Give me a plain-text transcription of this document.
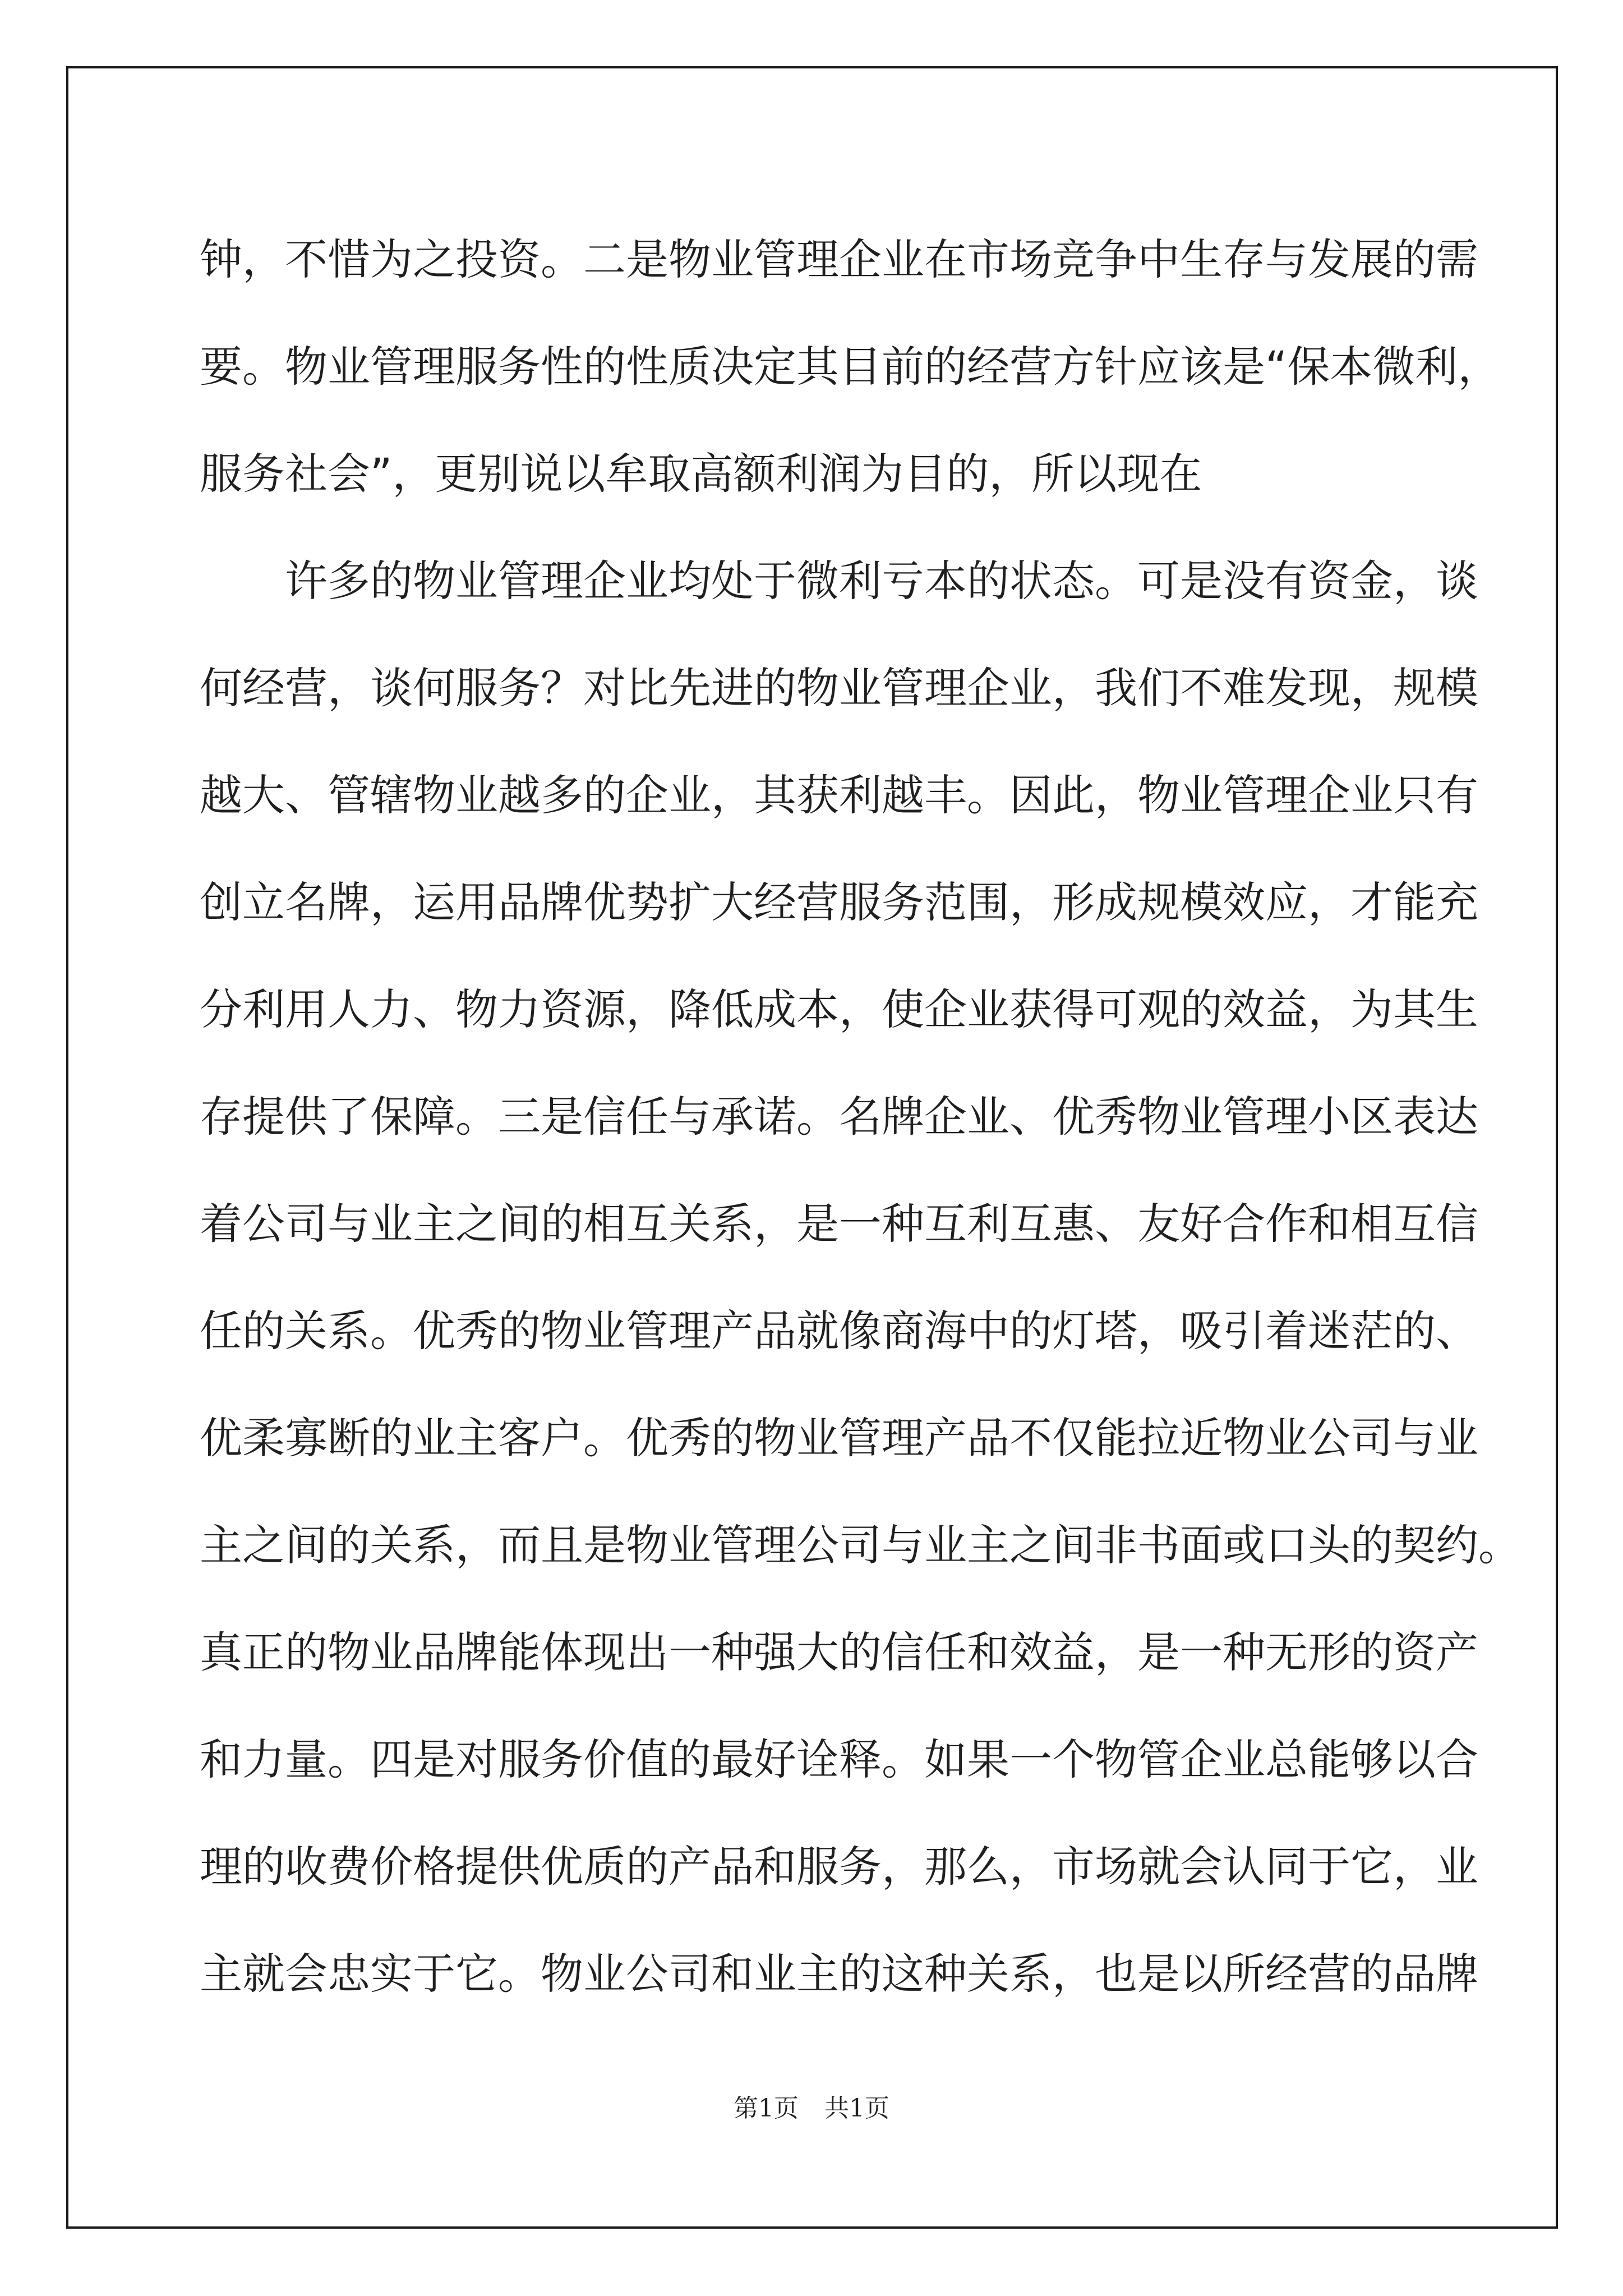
钟，不惜为之投资。二是物业管理企业在市场竞争中生存与发展的需
要。物业管理服务性的性质决定其目前的经营方针应该是“保本微利，
服务社会”，更别说以牟取高额利润为目的，所以现在
许多的物业管理企业均处于微利亏本的状态。可是没有资金，谈
何经营，谈何服务？对比先进的物业管理企业，我们不难发现，规模
越大、管辖物业越多的企业，其获利越丰。因此，物业管理企业只有
创立名牌，运用品牌优势扩大经营服务范围，形成规模效应，才能充
分利用人力、物力资源，降低成本，使企业获得可观的效益，为其生
存提供了保障。三是信任与承诺。名牌企业、优秀物业管理小区表达
着公司与业主之间的相互关系，是一种互利互惠、友好合作和相互信
任的关系。优秀的物业管理产品就像商海中的灯塔，吸引着迷茫的、
优柔寡断的业主客户。优秀的物业管理产品不仅能拉近物业公司与业
主之间的关系，而且是物业管理公司与业主之间非书面或口头的契约。
真正的物业品牌能体现出一种强大的信任和效益，是一种无形的资产
和力量。四是对服务价值的最好诠释。如果一个物管企业总能够以合
理的收费价格提供优质的产品和服务，那么，市场就会认同于它，业
主就会忠实于它。物业公司和业主的这种关系，也是以所经营的品牌
第1页 共1页
